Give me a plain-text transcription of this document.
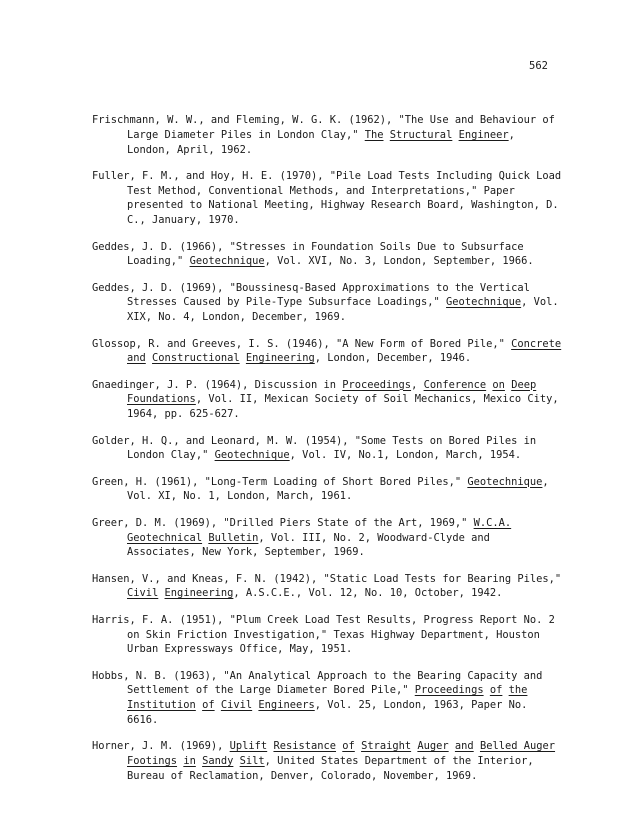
562

Frischmann, W. W., and Fleming, W. G. K. (1962), "The Use and Behaviour of Large Diameter Piles in London Clay," The Structural Engineer, London, April, 1962.

Fuller, F. M., and Hoy, H. E. (1970), "Pile Load Tests Including Quick Load Test Method, Conventional Methods, and Interpretations," Paper presented to National Meeting, Highway Research Board, Washington, D. C., January, 1970.

Geddes, J. D. (1966), "Stresses in Foundation Soils Due to Subsurface Loading," Geotechnique, Vol. XVI, No. 3, London, September, 1966.

Geddes, J. D. (1969), "Boussinesq-Based Approximations to the Vertical Stresses Caused by Pile-Type Subsurface Loadings," Geotechnique, Vol. XIX, No. 4, London, December, 1969.

Glossop, R. and Greeves, I. S. (1946), "A New Form of Bored Pile," Concrete and Constructional Engineering, London, December, 1946.

Gnaedinger, J. P. (1964), Discussion in Proceedings, Conference on Deep Foundations, Vol. II, Mexican Society of Soil Mechanics, Mexico City, 1964, pp. 625-627.

Golder, H. Q., and Leonard, M. W. (1954), "Some Tests on Bored Piles in London Clay," Geotechnique, Vol. IV, No.1, London, March, 1954.

Green, H. (1961), "Long-Term Loading of Short Bored Piles," Geotechnique, Vol. XI, No. 1, London, March, 1961.

Greer, D. M. (1969), "Drilled Piers State of the Art, 1969," W.C.A. Geotechnical Bulletin, Vol. III, No. 2, Woodward-Clyde and Associates, New York, September, 1969.

Hansen, V., and Kneas, F. N. (1942), "Static Load Tests for Bearing Piles," Civil Engineering, A.S.C.E., Vol. 12, No. 10, October, 1942.

Harris, F. A. (1951), "Plum Creek Load Test Results, Progress Report No. 2 on Skin Friction Investigation," Texas Highway Department, Houston Urban Expressways Office, May, 1951.

Hobbs, N. B. (1963), "An Analytical Approach to the Bearing Capacity and Settlement of the Large Diameter Bored Pile," Proceedings of the Institution of Civil Engineers, Vol. 25, London, 1963, Paper No. 6616.

Horner, J. M. (1969), Uplift Resistance of Straight Auger and Belled Auger Footings in Sandy Silt, United States Department of the Interior, Bureau of Reclamation, Denver, Colorado, November, 1969.
